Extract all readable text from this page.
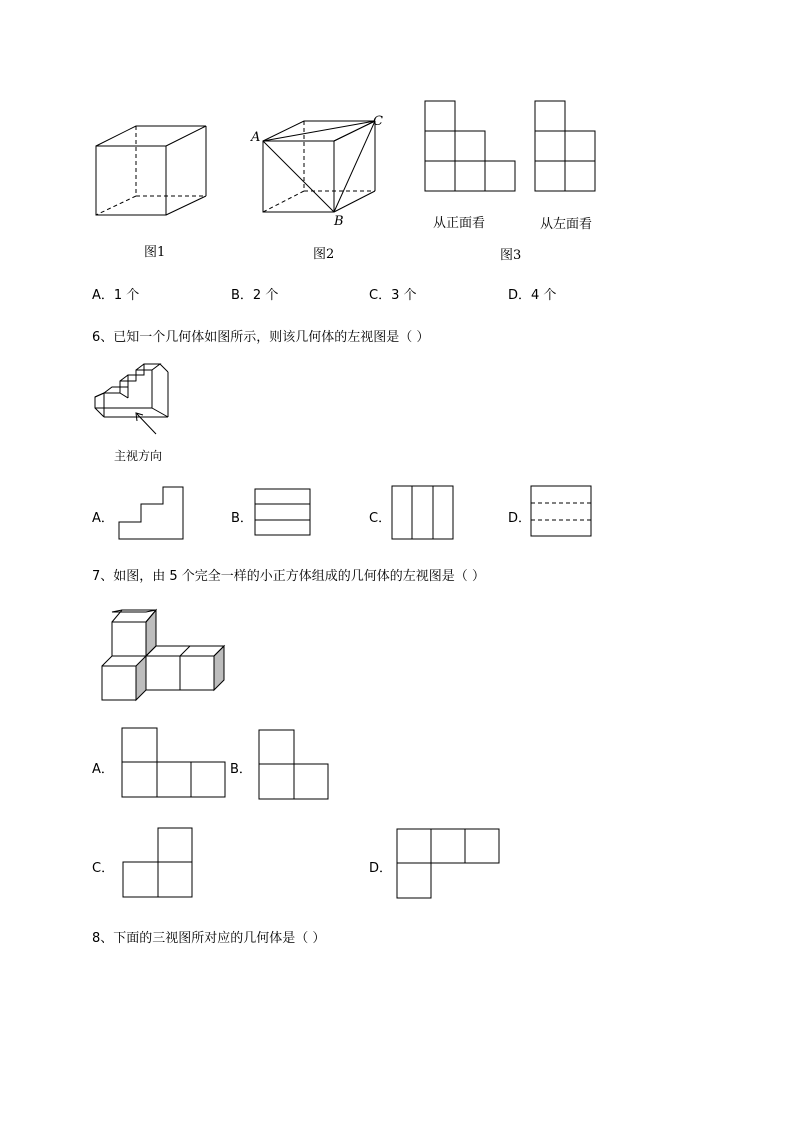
图1
A
B
C
图2
从正面看	从左面看
图3
A．1 个	B．2 个	C．3 个	D．4 个
6、已知一个几何体如图所示，则该几何体的左视图是（ ）
主视方向
A．	B．	C．	D．
7、如图，由 5 个完全一样的小正方体组成的几何体的左视图是（ ）
A．	B．
C．	D．
8、下面的三视图所对应的几何体是（ ）
